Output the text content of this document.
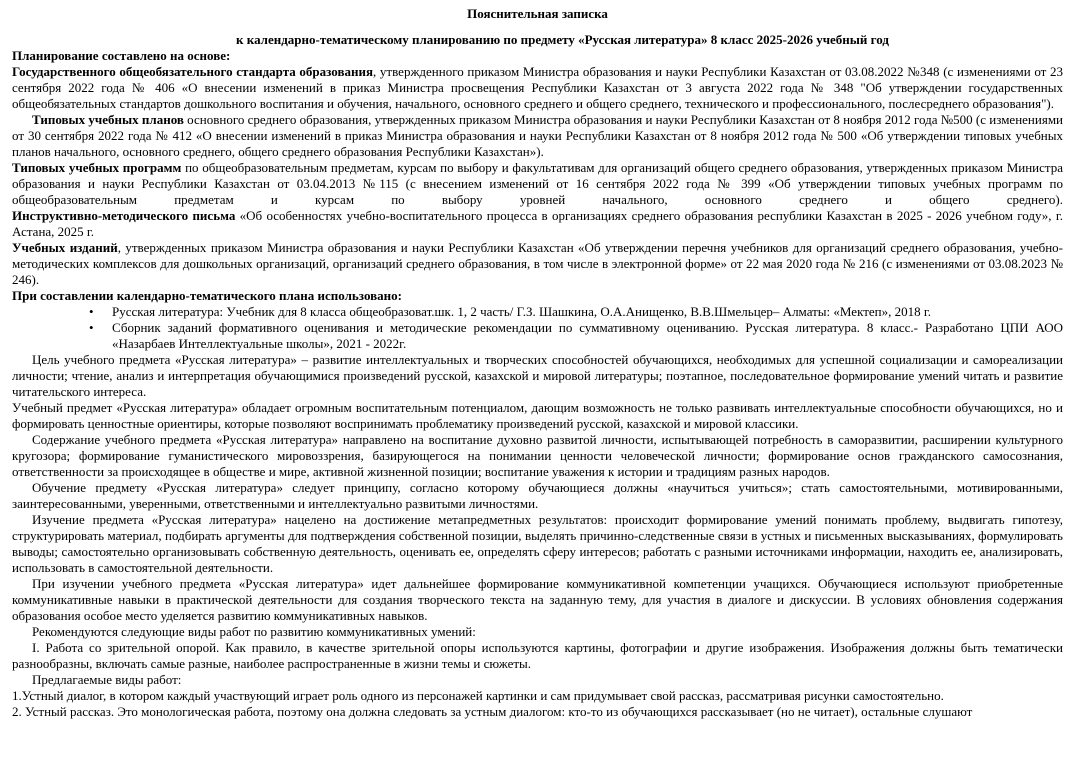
Пояснительная записка

к календарно-тематическому планированию по предмету «Русская литература» 8 класс 2025-2026 учебный год

Планирование составлено на основе:

Государственного общеобязательного стандарта образования, утвержденного приказом Министра образования и науки Республики Казахстан от 03.08.2022 №348 (с изменениями от 23 сентября 2022 года № 406 «О внесении изменений в приказ Министра просвещения Республики Казахстан от 3 августа 2022 года № 348 "Об утверждении государственных общеобязательных стандартов дошкольного воспитания и обучения, начального, основного среднего и общего среднего, технического и профессионального, послесреднего образования").

Типовых учебных планов основного среднего образования, утвержденных приказом Министра образования и науки Республики Казахстан от 8 ноября 2012 года №500 (с изменениями от 30 сентября 2022 года № 412 «О внесении изменений в приказ Министра образования и науки Республики Казахстан от 8 ноября 2012 года № 500 «Об утверждении типовых учебных планов начального, основного среднего, общего среднего образования Республики Казахстан»).

Типовых учебных программ по общеобразовательным предметам, курсам по выбору и факультативам для организаций общего среднего образования, утвержденных приказом Министра образования и науки Республики Казахстан от 03.04.2013 №115 (с внесением изменений от 16 сентября 2022 года № 399 «Об утверждении типовых учебных программ по общеобразовательным предметам и курсам по выбору уровней начального, основного среднего и общего среднего).

Инструктивно-методического письма «Об особенностях учебно-воспитательного процесса в организациях среднего образования республики Казахстан в 2025 - 2026 учебном году», г. Астана, 2025 г.

Учебных изданий, утвержденных приказом Министра образования и науки Республики Казахстан «Об утверждении перечня учебников для организаций среднего образования, учебно-методических комплексов для дошкольных организаций, организаций среднего образования, в том числе в электронной форме» от 22 мая 2020 года № 216 (с изменениями от 03.08.2023 № 246).

При составлении календарно-тематического плана использовано:

• Русская литература: Учебник для 8 класса общеобразоват.шк. 1, 2 часть/ Г.З. Шашкина, О.А.Анищенко, В.В.Шмельцер– Алматы: «Мектеп», 2018 г.
• Сборник заданий формативного оценивания и методические рекомендации по суммативному оцениванию. Русская литература. 8 класс.- Разработано ЦПИ АОО «Назарбаев Интеллектуальные школы», 2021 - 2022г.

Цель учебного предмета «Русская литература» – развитие интеллектуальных и творческих способностей обучающихся, необходимых для успешной социализации и самореализации личности; чтение, анализ и интерпретация обучающимися произведений русской, казахской и мировой литературы; поэтапное, последовательное формирование умений читать и развитие читательского интереса.

Учебный предмет «Русская литература» обладает огромным воспитательным потенциалом, дающим возможность не только развивать интеллектуальные способности обучающихся, но и формировать ценностные ориентиры, которые позволяют воспринимать проблематику произведений русской, казахской и мировой классики.

Содержание учебного предмета «Русская литература» направлено на воспитание духовно развитой личности, испытывающей потребность в саморазвитии, расширении культурного кругозора; формирование гуманистического мировоззрения, базирующегося на понимании ценности человеческой личности; формирование основ гражданского самосознания, ответственности за происходящее в обществе и мире, активной жизненной позиции; воспитание уважения к истории и традициям разных народов.

Обучение предмету «Русская литература» следует принципу, согласно которому обучающиеся должны «научиться учиться»; стать самостоятельными, мотивированными, заинтересованными, уверенными, ответственными и интеллектуально развитыми личностями.

Изучение предмета «Русская литература» нацелено на достижение метапредметных результатов: происходит формирование умений понимать проблему, выдвигать гипотезу, структурировать материал, подбирать аргументы для подтверждения собственной позиции, выделять причинно-следственные связи в устных и письменных высказываниях, формулировать выводы; самостоятельно организовывать собственную деятельность, оценивать ее, определять сферу интересов; работать с разными источниками информации, находить ее, анализировать, использовать в самостоятельной деятельности.

При изучении учебного предмета «Русская литература» идет дальнейшее формирование коммуникативной компетенции учащихся. Обучающиеся используют приобретенные коммуникативные навыки в практической деятельности для создания творческого текста на заданную тему, для участия в диалоге и дискуссии. В условиях обновления содержания образования особое место уделяется развитию коммуникативных навыков.

Рекомендуются следующие виды работ по развитию коммуникативных умений:

I. Работа со зрительной опорой. Как правило, в качестве зрительной опоры используются картины, фотографии и другие изображения. Изображения должны быть тематически разнообразны, включать самые разные, наиболее распространенные в жизни темы и сюжеты.

Предлагаемые виды работ:

1.Устный диалог, в котором каждый участвующий играет роль одного из персонажей картинки и сам придумывает свой рассказ, рассматривая рисунки самостоятельно.

2. Устный рассказ. Это монологическая работа, поэтому она должна следовать за устным диалогом: кто-то из обучающихся рассказывает (но не читает), остальные слушают
